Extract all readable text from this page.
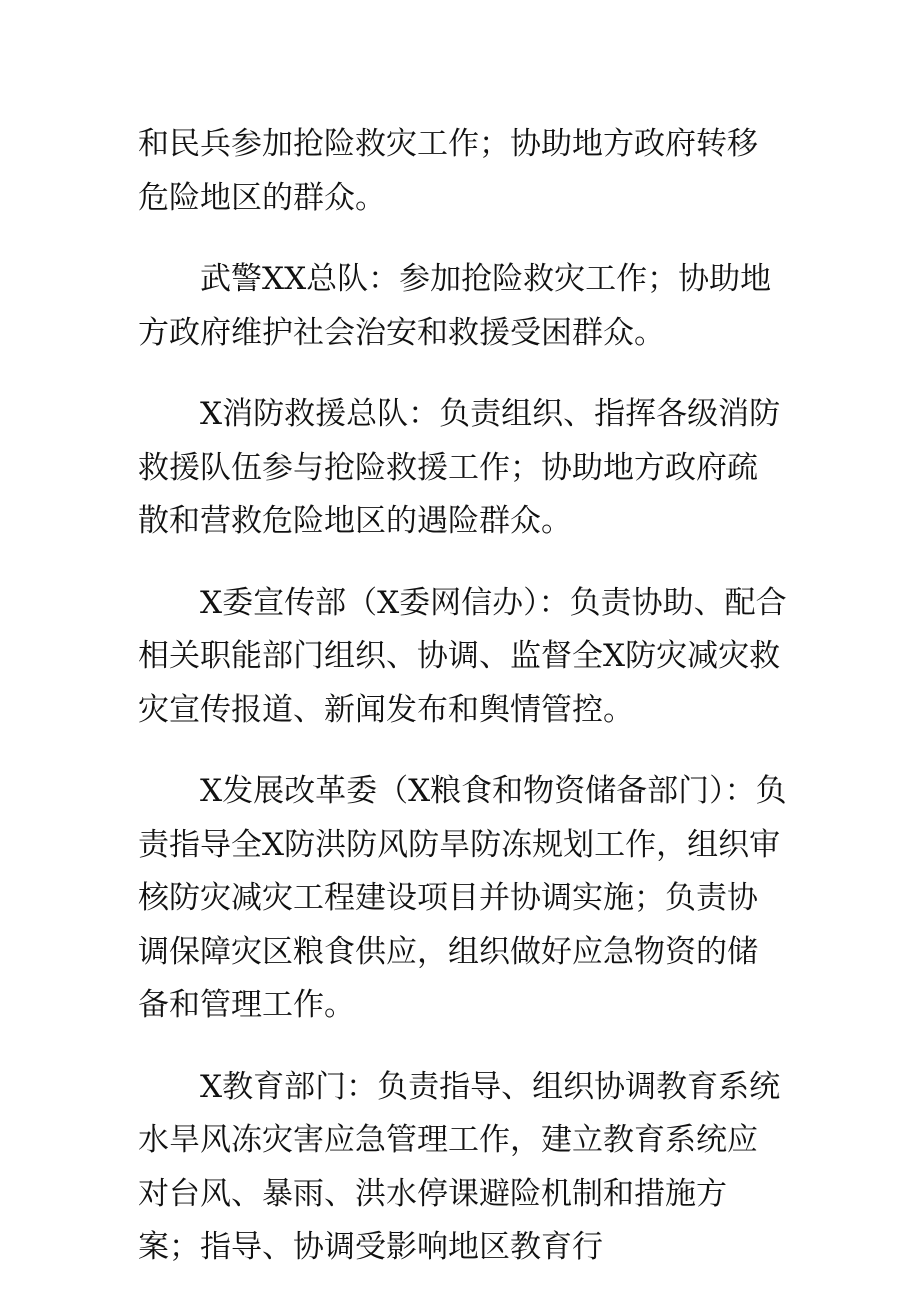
和民兵参加抢险救灾工作；协助地方政府转移危险地区的群众。

武警XX总队：参加抢险救灾工作；协助地方政府维护社会治安和救援受困群众。

X消防救援总队：负责组织、指挥各级消防救援队伍参与抢险救援工作；协助地方政府疏散和营救危险地区的遇险群众。

X委宣传部（X委网信办）：负责协助、配合相关职能部门组织、协调、监督全X防灾减灾救灾宣传报道、新闻发布和舆情管控。

X发展改革委（X粮食和物资储备部门）：负责指导全X防洪防风防旱防冻规划工作，组织审核防灾减灾工程建设项目并协调实施；负责协调保障灾区粮食供应，组织做好应急物资的储备和管理工作。

X教育部门：负责指导、组织协调教育系统水旱风冻灾害应急管理工作，建立教育系统应对台风、暴雨、洪水停课避险机制和措施方案；指导、协调受影响地区教育行
